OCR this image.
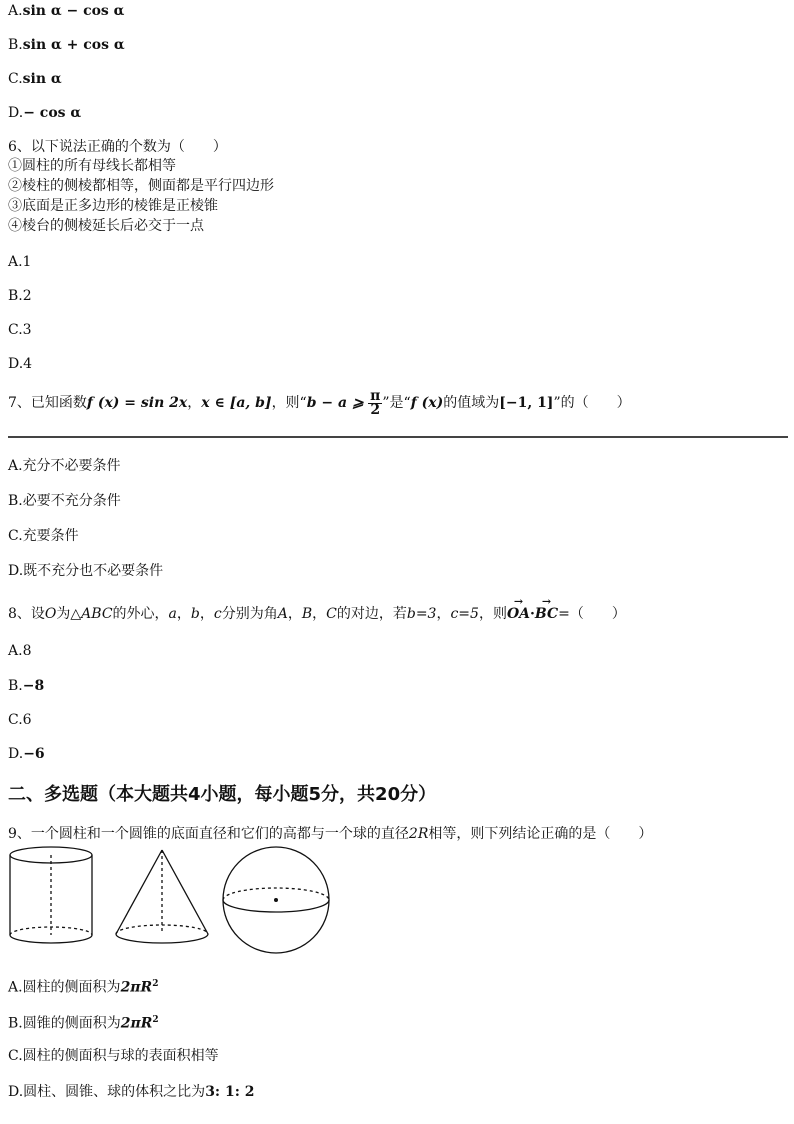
A.sin α − cos α
B.sin α + cos α
C.sin α
D.− cos α
6、以下说法正确的个数为（　　）
①圆柱的所有母线长都相等
②棱柱的侧棱都相等，侧面都是平行四边形
③底面是正多边形的棱锥是正棱锥
④棱台的侧棱延长后必交于一点
A.1
B.2
C.3
D.4
7、已知函数f (x) = sin 2x，x ∈ [a, b]，则“b − a ⩾ $\frac{\pi}{2}$ ”是“f (x)的值域为[−1, 1]”的（　　）
A.充分不必要条件
B.必要不充分条件
C.充要条件
D.既不充分也不必要条件
8、设O为△ABC的外心，a，b，c分别为角A，B，C的对边，若b=3，c=5，则→ OA·→ BC=（　　）
A.8
B.−8
C.6
D.−6
二、多选题（本大题共4小题，每小题5分，共20分）
9、一个圆柱和一个圆锥的底面直径和它们的高都与一个球的直径2R相等，则下列结论正确的是（　　）
A.圆柱的侧面积为$2\pi R^2$
B.圆锥的侧面积为$2\pi R^2$
C.圆柱的侧面积与球的表面积相等
D.圆柱、圆锥、球的体积之比为3: 1: 2
